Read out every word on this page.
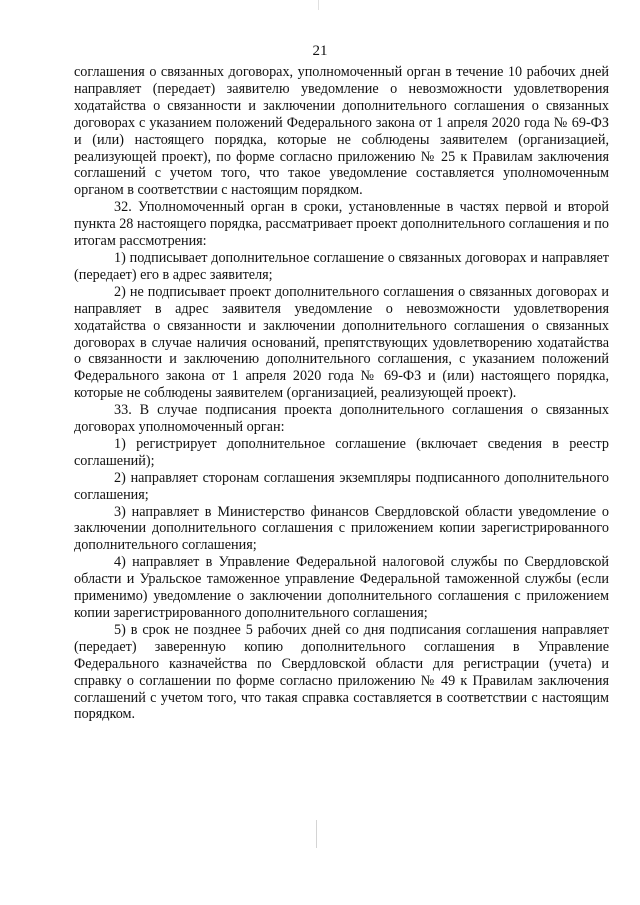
21

соглашения о связанных договорах, уполномоченный орган в течение 10 рабочих дней направляет (передает) заявителю уведомление о невозможности удовлетворения ходатайства о связанности и заключении дополнительного соглашения о связанных договорах с указанием положений Федерального закона от 1 апреля 2020 года № 69-ФЗ и (или) настоящего порядка, которые не соблюдены заявителем (организацией, реализующей проект), по форме согласно приложению № 25 к Правилам заключения соглашений с учетом того, что такое уведомление составляется уполномоченным органом в соответствии с настоящим порядком.

32. Уполномоченный орган в сроки, установленные в частях первой и второй пункта 28 настоящего порядка, рассматривает проект дополнительного соглашения и по итогам рассмотрения:

1) подписывает дополнительное соглашение о связанных договорах и направляет (передает) его в адрес заявителя;

2) не подписывает проект дополнительного соглашения о связанных договорах и направляет в адрес заявителя уведомление о невозможности удовлетворения ходатайства о связанности и заключении дополнительного соглашения о связанных договорах в случае наличия оснований, препятствующих удовлетворению ходатайства о связанности и заключению дополнительного соглашения, с указанием положений Федерального закона от 1 апреля 2020 года № 69-ФЗ и (или) настоящего порядка, которые не соблюдены заявителем (организацией, реализующей проект).

33. В случае подписания проекта дополнительного соглашения о связанных договорах уполномоченный орган:

1) регистрирует дополнительное соглашение (включает сведения в реестр соглашений);

2) направляет сторонам соглашения экземпляры подписанного дополнительного соглашения;

3) направляет в Министерство финансов Свердловской области уведомление о заключении дополнительного соглашения с приложением копии зарегистрированного дополнительного соглашения;

4) направляет в Управление Федеральной налоговой службы по Свердловской области и Уральское таможенное управление Федеральной таможенной службы (если применимо) уведомление о заключении дополнительного соглашения с приложением копии зарегистрированного дополнительного соглашения;

5) в срок не позднее 5 рабочих дней со дня подписания соглашения направляет (передает) заверенную копию дополнительного соглашения в Управление Федерального казначейства по Свердловской области для регистрации (учета) и справку о соглашении по форме согласно приложению № 49 к Правилам заключения соглашений с учетом того, что такая справка составляется в соответствии с настоящим порядком.
